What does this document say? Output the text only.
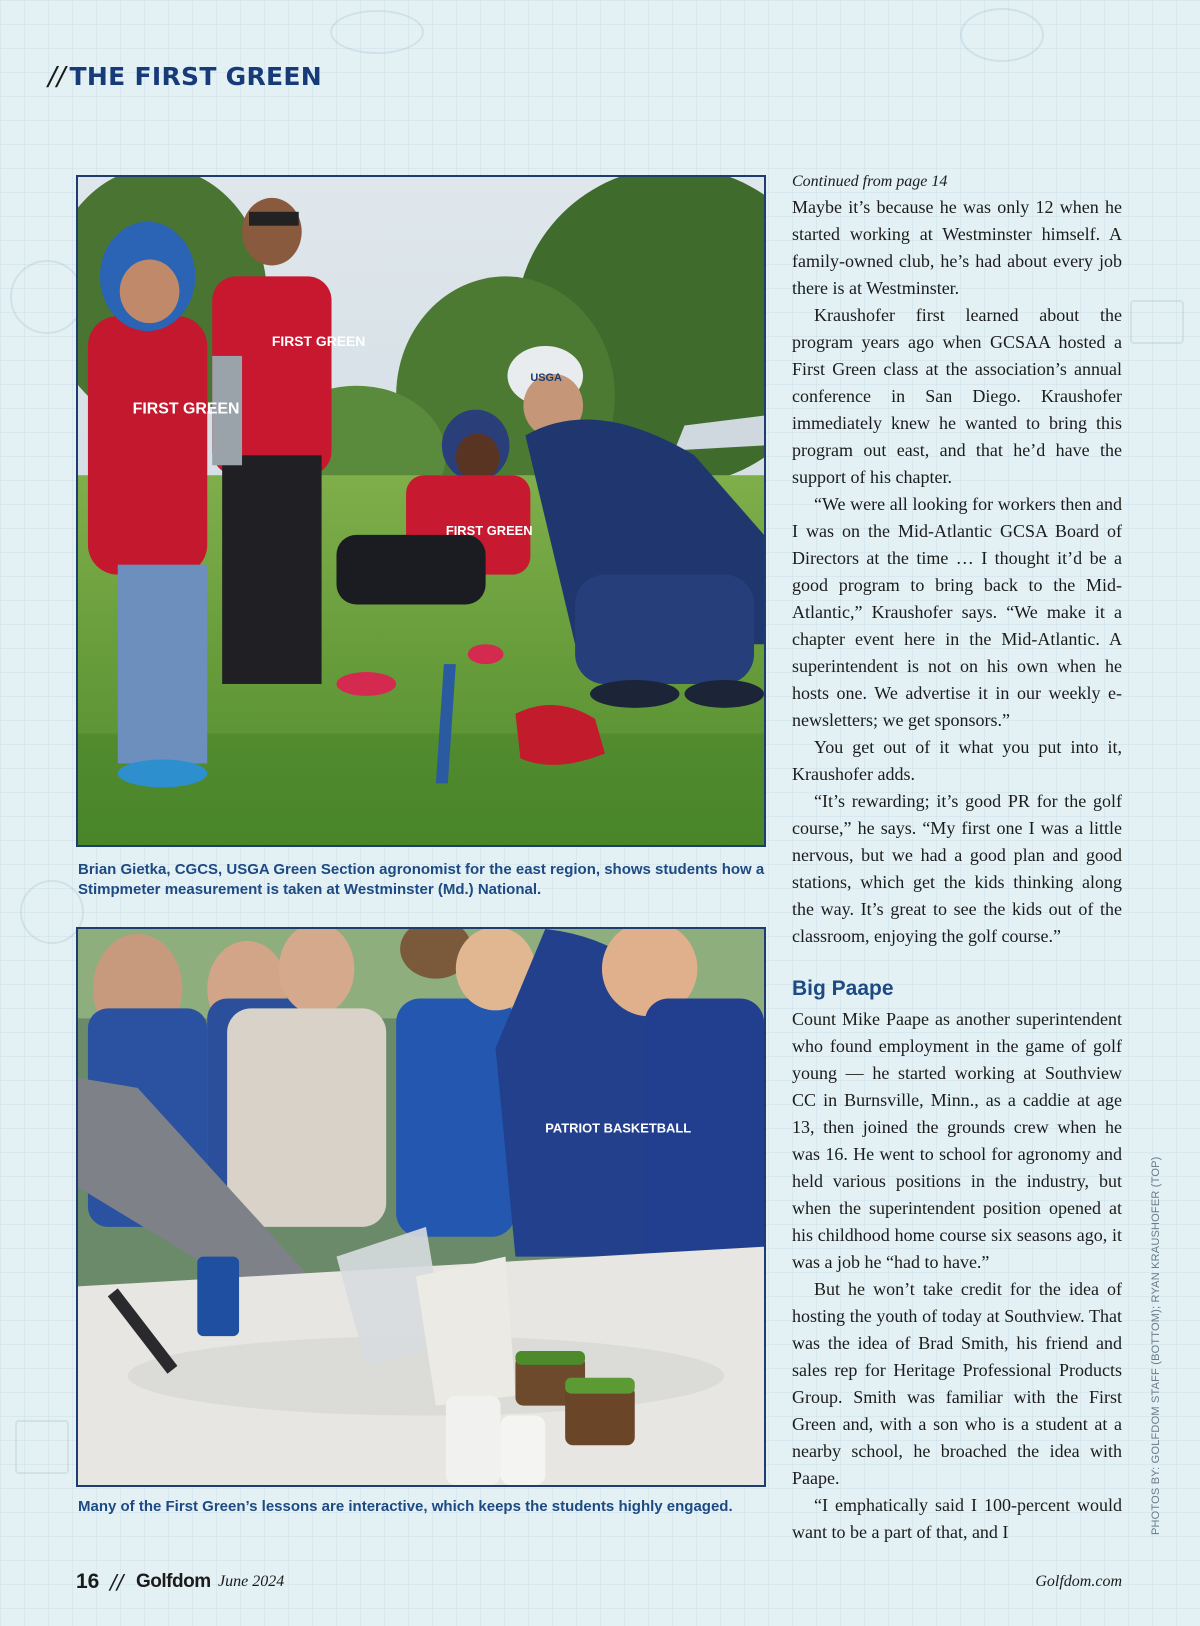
// THE FIRST GREEN
FIRST GREEN
FIRST GREEN
FIRST GREEN
USGA
Brian Gietka, CGCS, USGA Green Section agronomist for the east region, shows students how a Stimpmeter measurement is taken at Westminster (Md.) National.
PATRIOT BASKETBALL
Many of the First Green’s lessons are interactive, which keeps the students highly engaged.

Continued from page 14

Maybe it’s because he was only 12 when he started working at Westminster himself. A family-owned club, he’s had about every job there is at Westminster.

Kraushofer first learned about the program years ago when GCSAA hosted a First Green class at the association’s annual conference in San Diego. Kraushofer immediately knew he wanted to bring this program out east, and that he’d have the support of his chapter.

“We were all looking for workers then and I was on the Mid-Atlantic GCSA Board of Directors at the time … I thought it’d be a good program to bring back to the Mid-Atlantic,” Kraushofer says. “We make it a chapter event here in the Mid-Atlantic. A superintendent is not on his own when he hosts one. We advertise it in our weekly e-newsletters; we get sponsors.”

You get out of it what you put into it, Kraushofer adds.

“It’s rewarding; it’s good PR for the golf course,” he says. “My first one I was a little nervous, but we had a good plan and good stations, which get the kids thinking along the way. It’s great to see the kids out of the classroom, enjoying the golf course.”

Big Paape

Count Mike Paape as another superintendent who found employment in the game of golf young — he started working at Southview CC in Burnsville, Minn., as a caddie at age 13, then joined the grounds crew when he was 16. He went to school for agronomy and held various positions in the industry, but when the superintendent position opened at his childhood home course six seasons ago, it was a job he “had to have.”

But he won’t take credit for the idea of hosting the youth of today at Southview. That was the idea of Brad Smith, his friend and sales rep for Heritage Professional Products Group. Smith was familiar with the First Green and, with a son who is a student at a nearby school, he broached the idea with Paape.

“I emphatically said I 100-percent would want to be a part of that, and I	PHOTOS BY: GOLFDOM STAFF (BOTTOM); RYAN KRAUSHOFER (TOP)
16 // Golfdom June 2024	Golfdom.com
